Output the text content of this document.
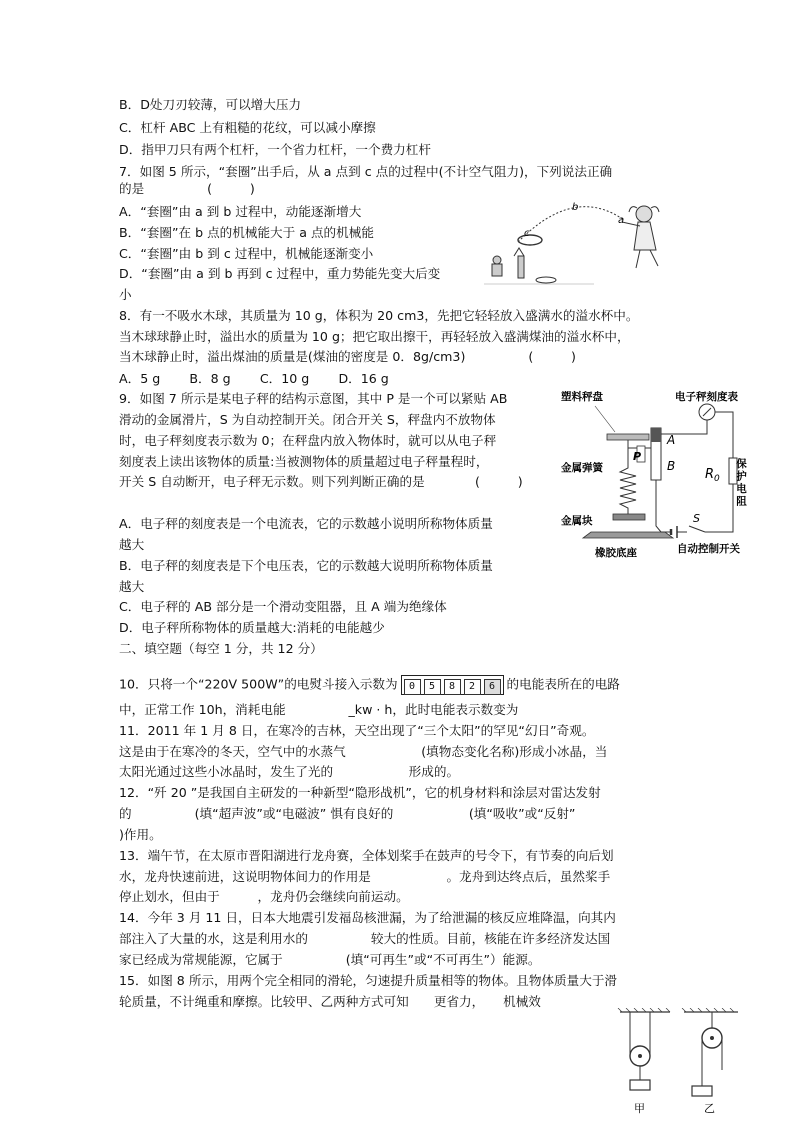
B．D处刀刃较薄，可以增大压力
C．杠杆 ABC 上有粗糙的花纹，可以减小摩擦
D．指甲刀只有两个杠杆，一个省力杠杆，一个费力杠杆
7．如图 5 所示，“套圈”出手后，从 a 点到 c 点的过程中(不计空气阻力)，下列说法正确
的是　　　　　(　　　)
A．“套圈”由 a 到 b 过程中，动能逐渐增大
B．“套圈”在 b 点的机械能大于 a 点的机械能
C．“套圈”由 b 到 c 过程中，机械能逐渐变小
D．“套圈”由 a 到 b 再到 c 过程中，重力势能先变大后变
小
8．有一不吸水木球，其质量为 10 g，体积为 20 cm3，先把它轻轻放入盛满水的溢水杯中。
当木球球静止时，溢出水的质量为 10 g；把它取出擦干，再轻轻放入盛满煤油的溢水杯中，
当木球静止时，溢出煤油的质量是(煤油的密度是 0．8g/cm3)　　　　　(　　　)
A．5 g　　 B．8 g　　 C．10 g　　 D．16 g
9．如图 7 所示是某电子秤的结构示意图，其中 P 是一个可以紧贴 AB
滑动的金属滑片，S 为自动控制开关。闭合开关 S，秤盘内不放物体
时，电子秤刻度表示数为 0；在秤盘内放入物体时，就可以从电子秤
刻度表上读出该物体的质量:当被测物体的质量超过电子秤量程时，
开关 S 自动断开，电子秤无示数。则下列判断正确的是　　　　(　　　)
A．电子秤的刻度表是一个电流表，它的示数越小说明所称物体质量
越大
B．电子秤的刻度表是下个电压表，它的示数越大说明所称物体质量
越大
C．电子秤的 AB 部分是一个滑动变阻器，且 A 端为绝缘体
D．电子秤所称物体的质量越大:消耗的电能越少
二、填空题（每空 1 分，共 12 分）
10．只将一个“220V 500W”的电熨斗接入示数为 0 5 8 2 6 的电能表所在的电路
中，正常工作 10h，消耗电能　　　　　_kw · h，此时电能表示数变为
11．2011 年 1 月 8 日，在寒冷的吉林，天空出现了“三个太阳”的罕见“幻日”奇观。
这是由于在寒冷的冬天，空气中的水蒸气　　　　　　(填物态变化名称)形成小冰晶，当
太阳光通过这些小冰晶时，发生了光的　　　　　　形成的。
12．“歼 20 ”是我国自主研发的一种新型“隐形战机”，它的机身材料和涂层对雷达发射
的　　　　　(填“超声波”或“电磁波” 惧有良好的　　　　　　(填“吸收”或“反射”
)作用。
13．端午节，在太原市晋阳湖进行龙舟赛，全体划桨手在鼓声的号令下，有节奏的向后划
水，龙舟快速前进，这说明物体间力的作用是　　　　　　。龙舟到达终点后，虽然桨手
停止划水，但由于　　　，龙舟仍会继续向前运动。
14．今年 3 月 11 日，日本大地震引发福岛核泄漏，为了给泄漏的核反应堆降温，向其内
部注入了大量的水，这是利用水的　　　　　较大的性质。目前，核能在许多经济发达国
家已经成为常规能源，它属于　　　　　(填“可再生”或“不可再生”）能源。
15．如图 8 所示，用两个完全相同的滑轮，匀速提升质量相等的物体。且物体质量大于滑
轮质量，不计绳重和摩擦。比较甲、乙两种方式可知　　更省力，　　机械效
b
a
c
塑料秤盘	电子秤刻度表
P
A
B
金属弹簧
金属块
橡胶底座
$R_0$ 保护电阻
S
自动控制开关
甲	乙
